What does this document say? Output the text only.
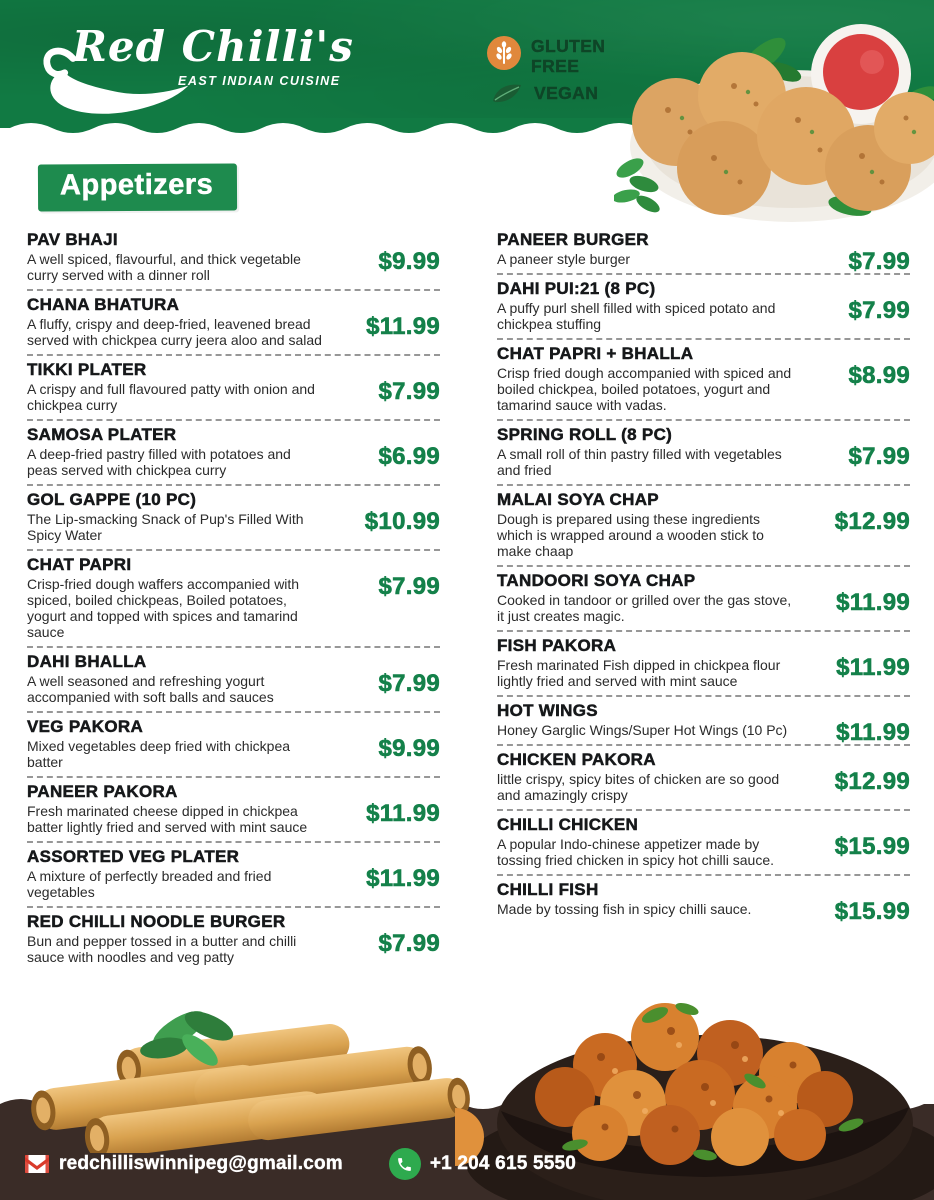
Red Chilli's
EAST INDIAN CUISINE
GLUTEN FREE
VEGAN
Appetizers
PAV BHAJI
A well spiced, flavourful, and thick vegetable curry served with a dinner roll	$9.99
CHANA BHATURA
A fluffy, crispy and deep-fried, leavened bread served with chickpea curry jeera aloo and salad $11.99
TIKKI PLATER
A crispy and full flavoured patty with onion and chickpea curry	$7.99
SAMOSA PLATER
A deep-fried pastry filled with potatoes and peas served with chickpea curry	$6.99
GOL GAPPE (10 PC)
The Lip-smacking Snack of Pup's Filled With Spicy Water	$10.99
CHAT PAPRI
Crisp-fried dough waffers accompanied with spiced, boiled chickpeas, Boiled potatoes, yogurt and topped with spices and tamarind sauce
$7.99
DAHI BHALLA
A well seasoned and refreshing yogurt accompanied with soft balls and sauces	$7.99
VEG PAKORA
Mixed vegetables deep fried with chickpea batter	$9.99
PANEER PAKORA
Fresh marinated cheese dipped in chickpea batter lightly fried and served with mint sauce	$11.99
ASSORTED VEG PLATER
A mixture of perfectly breaded and fried vegetables	$11.99
RED CHILLI NOODLE BURGER
Bun and pepper tossed in a butter and chilli sauce with noodles and veg patty	$7.99
PANEER BURGER
A paneer style burger	$7.99
DAHI PUI:21 (8 PC)
A puffy purl shell filled with spiced potato and chickpea stuffing	$7.99
CHAT PAPRI + BHALLA
Crisp fried dough accompanied with spiced and boiled chickpea, boiled potatoes, yogurt and tamarind sauce with vadas.
$8.99
SPRING ROLL (8 PC)
A small roll of thin pastry filled with vegetables and fried	$7.99
MALAI SOYA CHAP
Dough is prepared using these ingredients which is wrapped around a wooden stick to make chaap
$12.99
TANDOORI SOYA CHAP
Cooked in tandoor or grilled over the gas stove, it just creates magic.	$11.99
FISH PAKORA
Fresh marinated Fish dipped in chickpea flour lightly fried and served with mint sauce	$11.99
HOT WINGS
Honey Garglic Wings/Super Hot Wings (10 Pc)	$11.99
CHICKEN PAKORA
little crispy, spicy bites of chicken are so good and amazingly crispy	$12.99
CHILLI CHICKEN
A popular Indo-chinese appetizer made by tossing fried chicken in spicy hot chilli sauce.	$15.99
CHILLI FISH
Made by tossing fish in spicy chilli sauce.	$15.99
redchilliswinnipeg@gmail.com	+1 204 615 5550
